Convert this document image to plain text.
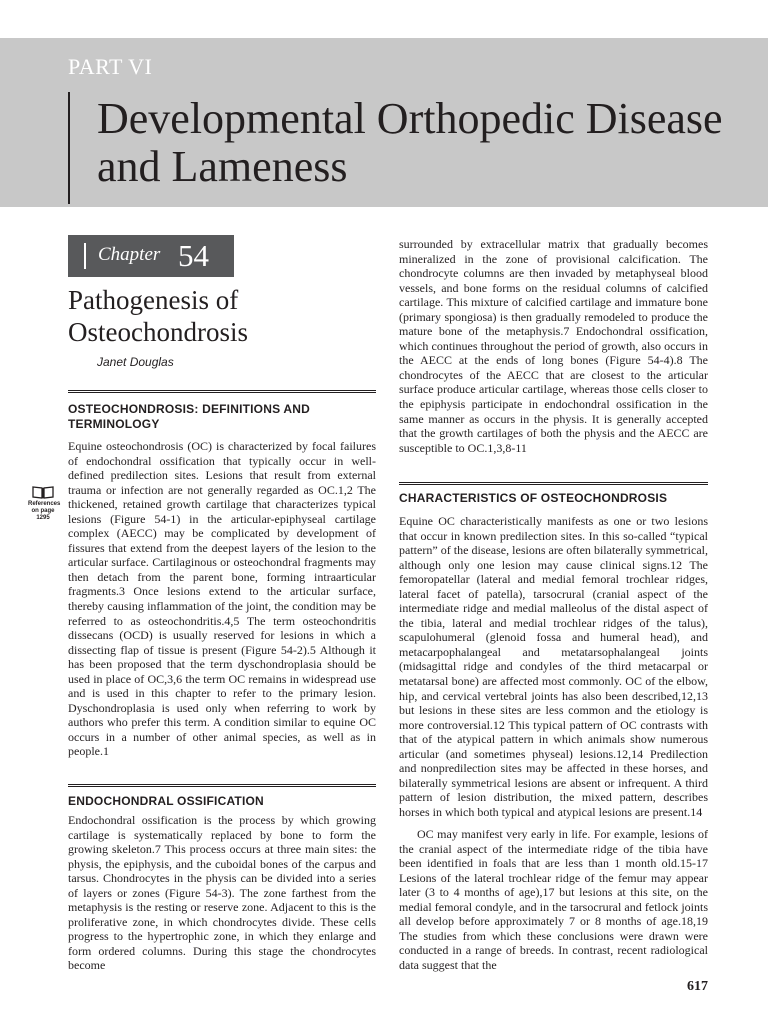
PART VI
Developmental Orthopedic Disease and Lameness
Chapter 54
Pathogenesis of Osteochondrosis
Janet Douglas
OSTEOCHONDROSIS: DEFINITIONS AND TERMINOLOGY

Equine osteochondrosis (OC) is characterized by focal failures of endochondral ossification that typically occur in well-defined predilection sites. Lesions that result from external trauma or infection are not generally regarded as OC.1,2 The thickened, retained growth cartilage that characterizes typical lesions (Figure 54-1) in the articular-epiphyseal cartilage complex (AECC) may be complicated by development of fissures that extend from the deepest layers of the lesion to the articular surface. Cartilaginous or osteochondral fragments may then detach from the parent bone, forming intraarticular fragments.3 Once lesions extend to the articular surface, thereby causing inflammation of the joint, the condition may be referred to as osteochondritis.4,5 The term osteochondritis dissecans (OCD) is usually reserved for lesions in which a dissecting flap of tissue is present (Figure 54-2).5 Although it has been proposed that the term dyschondroplasia should be used in place of OC,3,6 the term OC remains in widespread use and is used in this chapter to refer to the primary lesion. Dyschondroplasia is used only when referring to work by authors who prefer this term. A condition similar to equine OC occurs in a number of other animal species, as well as in people.1

References on page 1295
ENDOCHONDRAL OSSIFICATION

Endochondral ossification is the process by which growing cartilage is systematically replaced by bone to form the growing skeleton.7 This process occurs at three main sites: the physis, the epiphysis, and the cuboidal bones of the carpus and tarsus. Chondrocytes in the physis can be divided into a series of layers or zones (Figure 54-3). The zone farthest from the metaphysis is the resting or reserve zone. Adjacent to this is the proliferative zone, in which chondrocytes divide. These cells progress to the hypertrophic zone, in which they enlarge and form ordered columns. During this stage the chondrocytes become

surrounded by extracellular matrix that gradually becomes mineralized in the zone of provisional calcification. The chondrocyte columns are then invaded by metaphyseal blood vessels, and bone forms on the residual columns of calcified cartilage. This mixture of calcified cartilage and immature bone (primary spongiosa) is then gradually remodeled to produce the mature bone of the metaphysis.7 Endochondral ossification, which continues throughout the period of growth, also occurs in the AECC at the ends of long bones (Figure 54-4).8 The chondrocytes of the AECC that are closest to the articular surface produce articular cartilage, whereas those cells closer to the epiphysis participate in endochondral ossification in the same manner as occurs in the physis. It is generally accepted that the growth cartilages of both the physis and the AECC are susceptible to OC.1,3,8-11

CHARACTERISTICS OF OSTEOCHONDROSIS

Equine OC characteristically manifests as one or two lesions that occur in known predilection sites. In this so-called “typical pattern” of the disease, lesions are often bilaterally symmetrical, although only one lesion may cause clinical signs.12 The femoropatellar (lateral and medial femoral trochlear ridges, lateral facet of patella), tarsocrural (cranial aspect of the intermediate ridge and medial malleolus of the distal aspect of the tibia, lateral and medial trochlear ridges of the talus), scapulohumeral (glenoid fossa and humeral head), and metacarpophalangeal and metatarsophalangeal joints (midsagittal ridge and condyles of the third metacarpal or metatarsal bone) are affected most commonly. OC of the elbow, hip, and cervical vertebral joints has also been described,12,13 but lesions in these sites are less common and the etiology is more controversial.12 This typical pattern of OC contrasts with that of the atypical pattern in which animals show numerous articular (and sometimes physeal) lesions.12,14 Predilection and nonpredilection sites may be affected in these horses, and bilaterally symmetrical lesions are absent or infrequent. A third pattern of lesion distribution, the mixed pattern, describes horses in which both typical and atypical lesions are present.14

OC may manifest very early in life. For example, lesions of the cranial aspect of the intermediate ridge of the tibia have been identified in foals that are less than 1 month old.15-17 Lesions of the lateral trochlear ridge of the femur may appear later (3 to 4 months of age),17 but lesions at this site, on the medial femoral condyle, and in the tarsocrural and fetlock joints all develop before approximately 7 or 8 months of age.18,19 The studies from which these conclusions were drawn were conducted in a range of breeds. In contrast, recent radiological data suggest that the

617
